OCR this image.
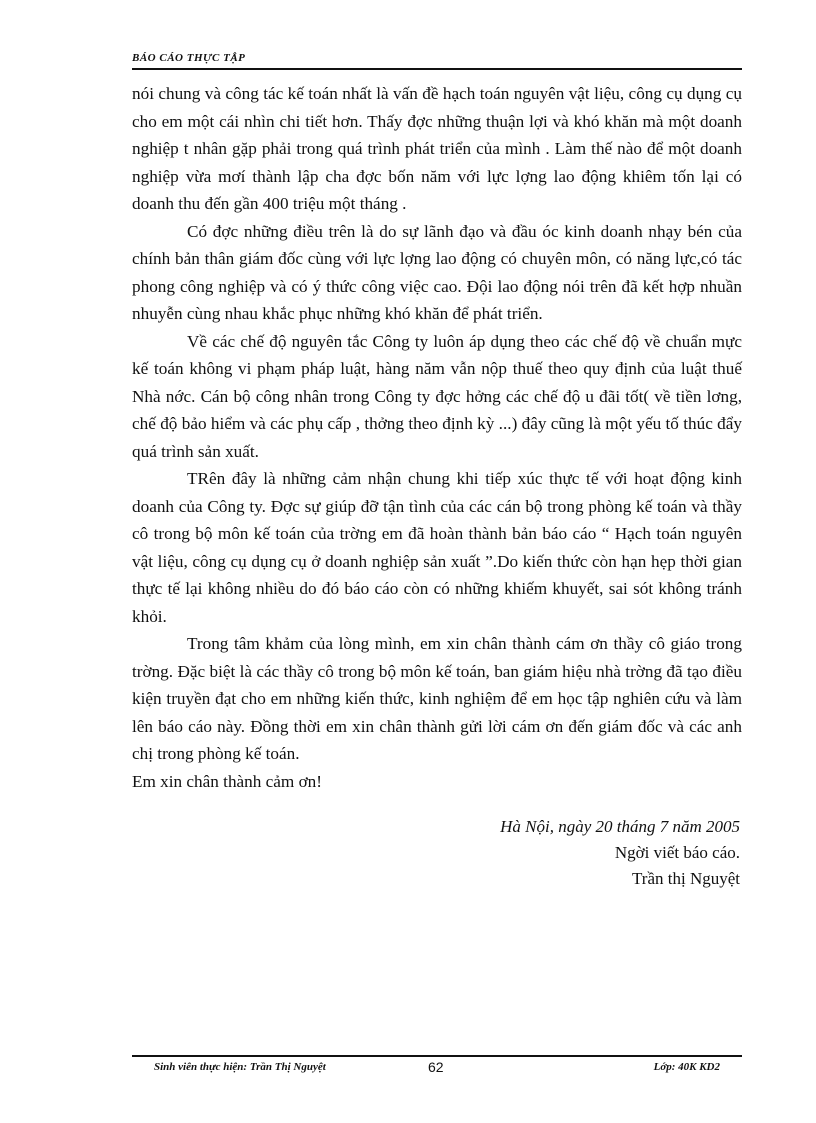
BÁO CÁO THỰC TẬP

nói chung và công tác kế toán nhất là vấn đề hạch toán nguyên vật liệu, công cụ dụng cụ cho em một cái nhìn chi tiết hơn. Thấy đợc những thuận lợi và khó khăn mà một doanh nghiệp t nhân gặp phải trong quá trình phát triển của mình . Làm thế nào để một doanh nghiệp vừa mơí thành lập cha đợc bốn năm với lực lợng lao động khiêm tốn lại có doanh thu đến gần 400 triệu một tháng .

Có đợc những điều trên là do sự lãnh đạo và đầu óc kinh doanh nhạy bén của chính bản thân giám đốc cùng với lực lợng lao động có chuyên môn, có năng lực,có tác phong công nghiệp và có ý thức công việc cao. Đội lao động nói trên đã kết hợp nhuần nhuyễn cùng nhau khắc phục những khó khăn để phát triển.

Về các chế độ nguyên tắc Công ty luôn áp dụng theo các chế độ về chuẩn mực kế toán không vi phạm pháp luật, hàng năm vẫn nộp thuế theo quy định của luật thuế Nhà nớc. Cán bộ công nhân trong Công ty đợc hởng các chế độ u đãi tốt( về tiền lơng, chế độ bảo hiểm và các phụ cấp , thởng theo định kỳ ...) đây cũng là một yếu tố thúc đẩy quá trình sản xuất.

TRên đây là những cảm nhận chung khi tiếp xúc thực tế với hoạt động kinh doanh của Công ty. Đợc sự giúp đỡ tận tình của các cán bộ trong phòng kế toán và thầy cô trong bộ môn kế toán của trờng em đã hoàn thành bản báo cáo “ Hạch toán nguyên vật liệu, công cụ dụng cụ ở doanh nghiệp sản xuất ”.Do kiến thức còn hạn hẹp thời gian thực tế lại không nhiều do đó báo cáo còn có những khiếm khuyết, sai sót không tránh khỏi.

Trong tâm khảm của lòng mình, em xin chân thành cám ơn thầy cô giáo trong trờng. Đặc biệt là các thầy cô trong bộ môn kế toán, ban giám hiệu nhà trờng đã tạo điều kiện truyền đạt cho em những kiến thức, kinh nghiệm để em học tập nghiên cứu và làm lên báo cáo này. Đồng thời em xin chân thành gửi lời cám ơn đến giám đốc và các anh chị trong phòng kế toán.

Em xin chân thành cảm ơn!

Hà Nội, ngày 20 tháng 7 năm 2005
Ngời viết báo cáo.
Trần thị Nguyệt
Sinh viên thực hiện: Trần Thị Nguyệt	62	Lớp: 40K KD2
